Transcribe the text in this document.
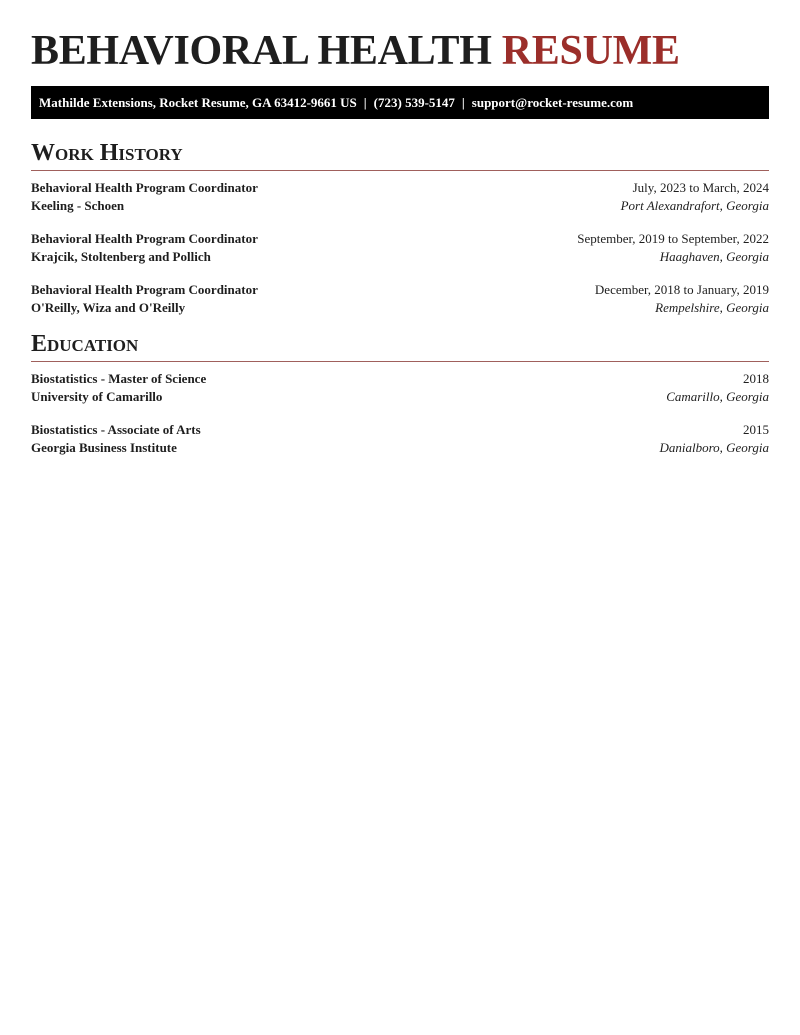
BEHAVIORAL HEALTH RESUME
Mathilde Extensions, Rocket Resume, GA 63412-9661 US | (723) 539-5147 | support@rocket-resume.com
Work History
Behavioral Health Program Coordinator	July, 2023 to March, 2024
Keeling - Schoen	Port Alexandrafort, Georgia
Behavioral Health Program Coordinator	September, 2019 to September, 2022
Krajcik, Stoltenberg and Pollich	Haaghaven, Georgia
Behavioral Health Program Coordinator	December, 2018 to January, 2019
O'Reilly, Wiza and O'Reilly	Rempelshire, Georgia
Education
Biostatistics - Master of Science	2018
University of Camarillo	Camarillo, Georgia
Biostatistics - Associate of Arts	2015
Georgia Business Institute	Danialboro, Georgia
